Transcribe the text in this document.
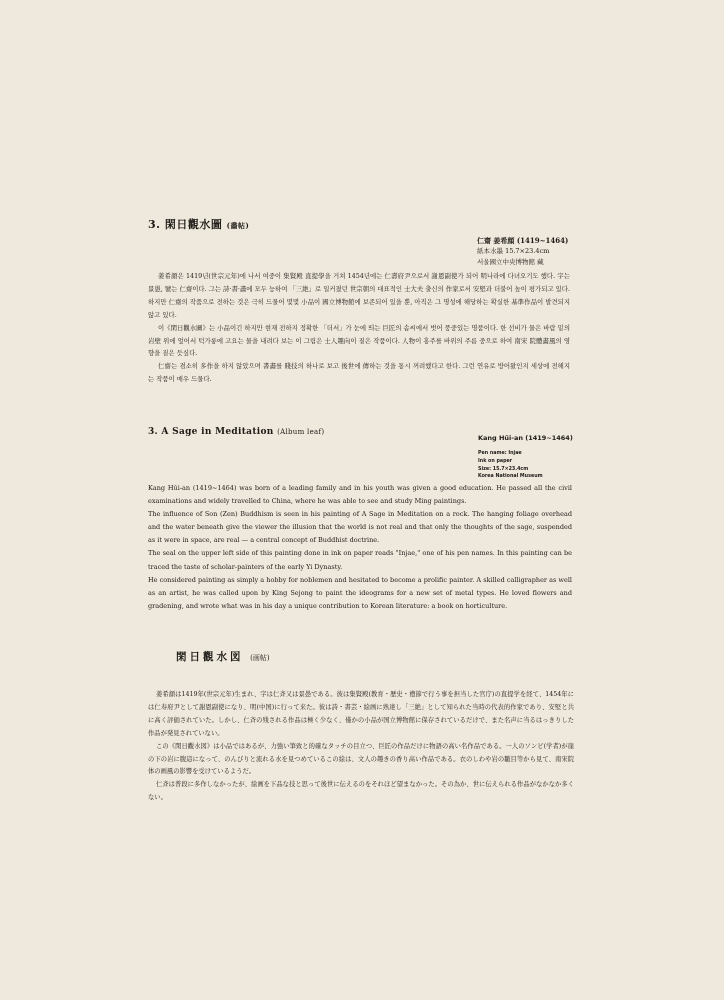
3. 閑日觀水圖 (畵帖)
仁齋 姜希顔 (1419~1464)
紙本水墨 15.7×23.4cm
서울國立中央博物館 藏

姜希顔은 1419년(世宗元年)에 나서 여중이 集賢殿 直提學을 거쳐 1454년에는 仁壽府尹으로서 謝恩副使가 되어 明나라에 다녀오기도 했다. 字는 景愚, 號는 仁齋이다. 그는 詩·書·畵에 모두 능하여 「三絶」로 일커졌던 世宗朝의 대표적인 士大夫 출신의 作家로서 安堅과 더불어 높이 평가되고 있다. 하지만 仁齋의 작품으로 전하는 것은 극히 드물어 몇몇 小品이 國立博物館에 보존되어 있을 뿐, 아직은 그 명성에 해당하는 확실한 基準作品이 발견되지 않고 있다.

이《閑日觀水圖》는 小品이긴 하지만 현재 전하지 정확한 「더서」가 눈에 띄는 巨匠의 솜씨에서 벗어 풍중있는 명품이다. 한 선비가 물은 바람 밑의 岩壁 위에 엎어서 턱가룽에 고요는 물을 내려다 보는 이 그림은 士人趣向이 짙은 작품이다. 人物이 홍주를 바위의 주름 중으로 하여 南宋 院體畵風의 영향을 짙은 듯싶다.

仁齋는 겸소히 多作을 하지 않았으며 書畵를 賤技의 하나로 보고 後世에 傳하는 것을 통시 꺼려했다고 한다. 그런 연유로 방어왔인지 세상에 전해지는 작품이 매우 드물다.

3. A Sage in Meditation (Album leaf)
Kang Hŭi-an (1419~1464)
Pen name: Injae
Ink on paper
Size: 15.7×23.4cm
Korea National Museum

Kang Hŭi-an (1419~1464) was born of a leading family and in his youth was given a good education. He passed all the civil examinations and widely travelled to China, where he was able to see and study Ming paintings.

The influence of Son (Zen) Buddhism is seen in his painting of A Sage in Meditation on a rock. The hanging foliage overhead and the water beneath give the viewer the illusion that the world is not real and that only the thoughts of the sage, suspended as it were in space, are real — a central concept of Buddhist doctrine.

The seal on the upper left side of this painting done in ink on paper reads "Injae," one of his pen names. In this painting can be traced the taste of scholar-painters of the early Yi Dynasty.

He considered painting as simply a hobby for noblemen and hesitated to become a prolific painter. A skilled calligrapher as well as an artist, he was called upon by King Sejong to paint the ideograms for a new set of metal types. He loved flowers and gradening, and wrote what was in his day a unique contribution to Korean literature: a book on horticulture.

閑日觀水図 (画帖)

姜希顔は1419年(世宗元年)生まれ、字は仁斉又は景愚である。彼は集賢殿(教育・歴史・禮節で行う事を担当した官庁)の直提学を経て、1454年には仁寿府尹として謝恩副使になり、明(中国)に行って来た。彼は詩・書芸・絵画に熟達し「三絶」として知られた当時の代表的作家であり、安堅と共に高く評価されていた。しかし、仁斉の残される作品は極く少なく、僅かの小品が国立博物館に保存されているだけで、また名声に当るはっきりした作品が発見されていない。

この《閑日觀水図》は小品ではあるが、力強い筆致と的確なタッチの目立つ、巨匠の作品だけに物語の高い名作品である。一人のソンビ(学者)が崖の下の岩に腹這になって、のんびりと流れる水を見つめているこの絵は、文人の趣きの香り高い作品である。衣のしわや岩の皺目等から見て、南宋院体の画風の影響を受けているようだ。

仁斉は普段に多作しなかったが、絵画を下品な技と思って後世に伝えるのをそれほど望まなかった。その為か、世に伝えられる作品がなかなか多くない。
